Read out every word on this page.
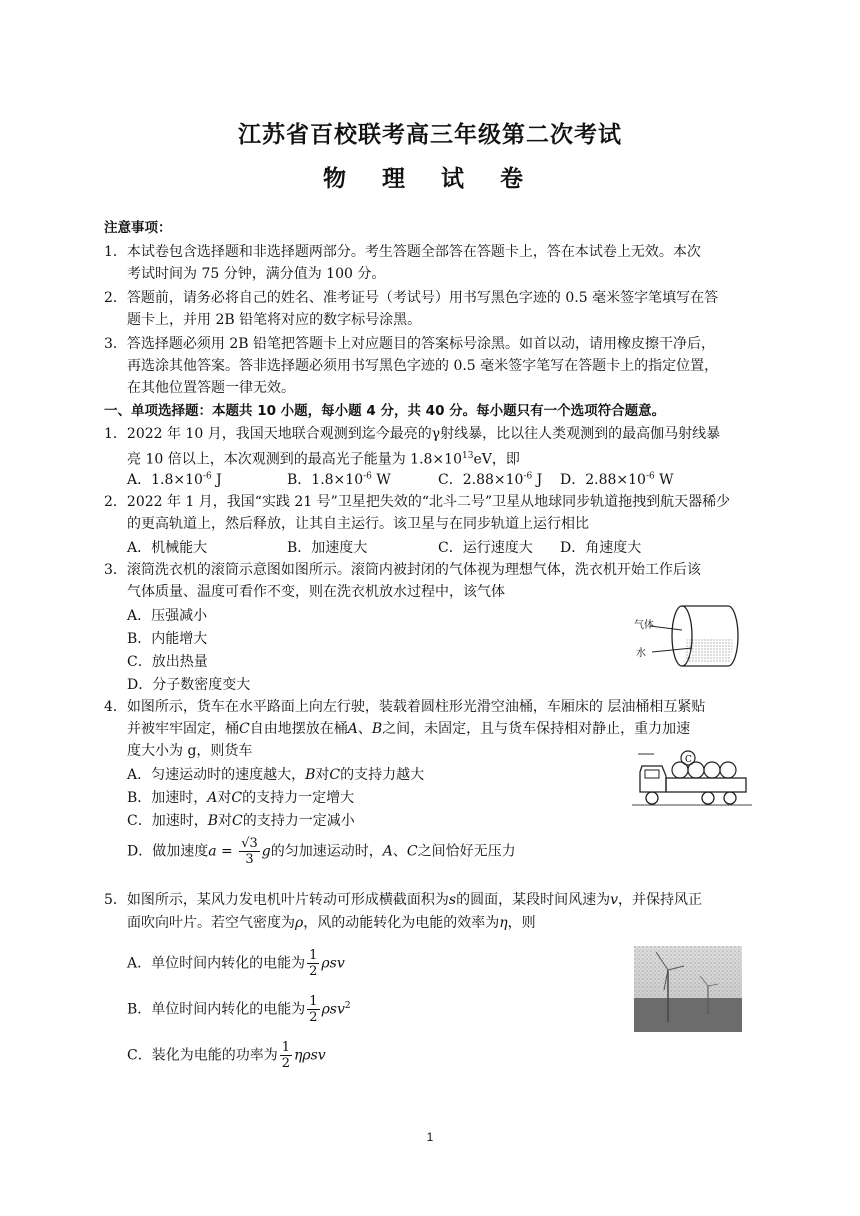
江苏省百校联考高三年级第二次考试
物 理 试 卷
注意事项：
1．本试卷包含选择题和非选择题两部分。考生答题全部答在答题卡上，答在本试卷上无效。本次
考试时间为 75 分钟，满分值为 100 分。
2．答题前，请务必将自己的姓名、准考证号（考试号）用书写黑色字迹的 0.5 毫米签字笔填写在答
题卡上，并用 2B 铅笔将对应的数字标号涂黑。
3．答选择题必须用 2B 铅笔把答题卡上对应题目的答案标号涂黑。如首以动，请用橡皮擦干净后，
再选涂其他答案。答非选择题必须用书写黑色字迹的 0.5 毫米签字笔写在答题卡上的指定位置，
在其他位置答题一律无效。
一、单项选择题：本题共 10 小题，每小题 4 分，共 40 分。每小题只有一个选项符合题意。
1．2022 年 10 月，我国天地联合观测到迄今最亮的γ射线暴，比以往人类观测到的最高伽马射线暴
亮 10 倍以上，本次观测到的最高光子能量为 $1.8\times 10^{13}eV$，即
A．$1.8\times 10^{-6}$ J	B．$1.8\times 10^{-6}$ W	C．$2.88\times 10^{-6}$ J D．$2.88\times 10^{-6}$ W
2．2022 年 1 月，我国“实践 21 号”卫星把失效的“北斗二号”卫星从地球同步轨道拖拽到航天器稀少
的更高轨道上，然后释放，让其自主运行。该卫星与在同步轨道上运行相比
A．机械能大	B．加速度大	C．运行速度大 D．角速度大
3．滚筒洗衣机的滚筒示意图如图所示。滚筒内被封闭的气体视为理想气体，洗衣机开始工作后该
气体质量、温度可看作不变，则在洗衣机放水过程中，该气体
A．压强减小
B．内能增大
C．放出热量
D．分子数密度变大
气体
水
4．如图所示，货车在水平路面上向左行驶，装载着圆柱形光滑空油桶，车厢床的 层油桶相互紧贴
并被牢牢固定，桶C自由地摆放在桶A、B之间，未固定，且与货车保持相对静止，重力加速
度大小为 g，则货车
A．匀速运动时的速度越大，B对C的支持力越大
B．加速时，A对C的支持力一定增大
C．加速时，B对C的支持力一定减小
D．做加速度$a = \frac{√3}{3}$ g的匀加速运动时，A、C之间恰好无压力
C
5．如图所示，某风力发电机叶片转动可形成横截面积为s的圆面，某段时间风速为v，并保持风正
面吹向叶片。若空气密度为ρ，风的动能转化为电能的效率为η，则
A．单位时间内转化的电能为 $\frac{1}{2}$ ρsv
B．单位时间内转化的电能为 $\frac{1}{2} \rho sv^2$
C．装化为电能的功率为 $\frac{1}{2}$ ηρsv
1
